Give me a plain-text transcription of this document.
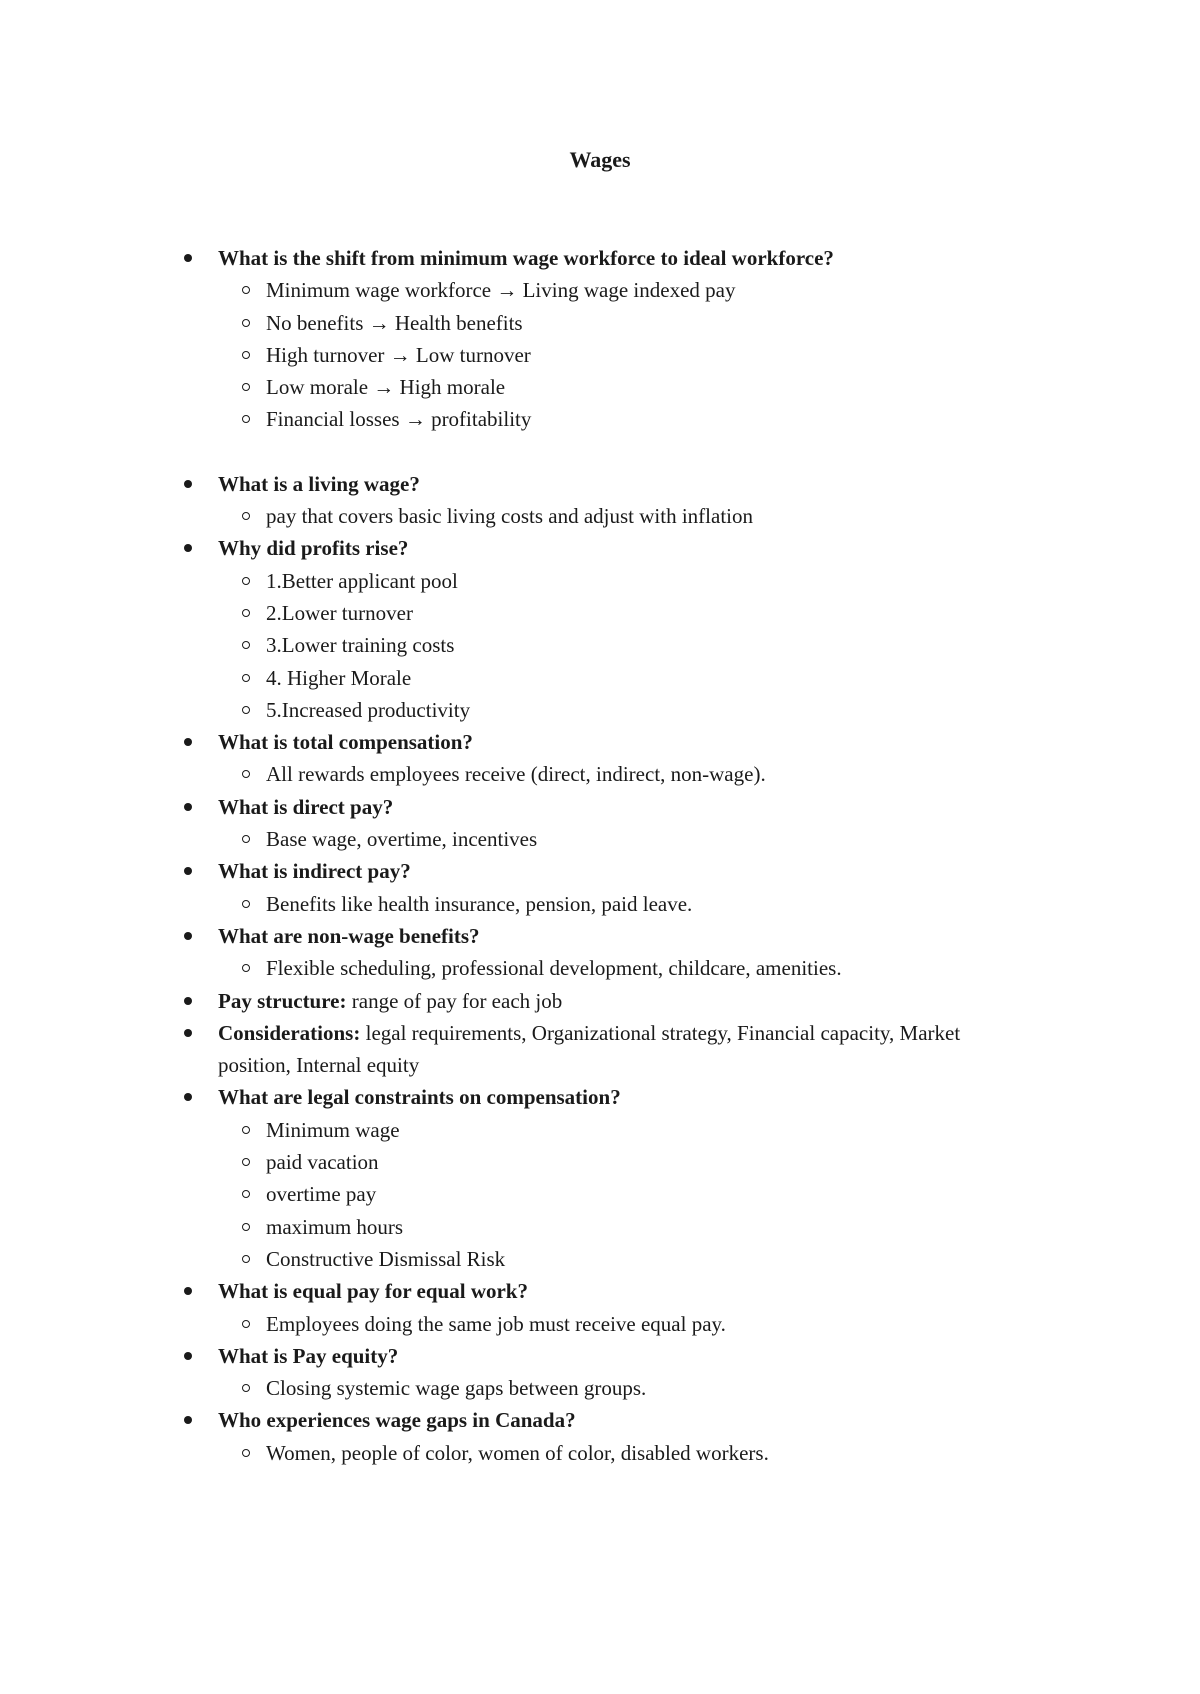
Wages
What is the shift from minimum wage workforce to ideal workforce?
Minimum wage workforce → Living wage indexed pay
No benefits → Health benefits
High turnover → Low turnover
Low morale → High morale
Financial losses → profitability
What is a living wage?
pay that covers basic living costs and adjust with inflation
Why did profits rise?
1.Better applicant pool
2.Lower turnover
3.Lower training costs
4. Higher Morale
5.Increased productivity
What is total compensation?
All rewards employees receive (direct, indirect, non-wage).
What is direct pay?
Base wage, overtime, incentives
What is indirect pay?
Benefits like health insurance, pension, paid leave.
What are non-wage benefits?
Flexible scheduling, professional development, childcare, amenities.
Pay structure: range of pay for each job
Considerations: legal requirements, Organizational strategy, Financial capacity, Market position, Internal equity
What are legal constraints on compensation?
Minimum wage
paid vacation
overtime pay
maximum hours
Constructive Dismissal Risk
What is equal pay for equal work?
Employees doing the same job must receive equal pay.
What is Pay equity?
Closing systemic wage gaps between groups.
Who experiences wage gaps in Canada?
Women, people of color, women of color, disabled workers.
